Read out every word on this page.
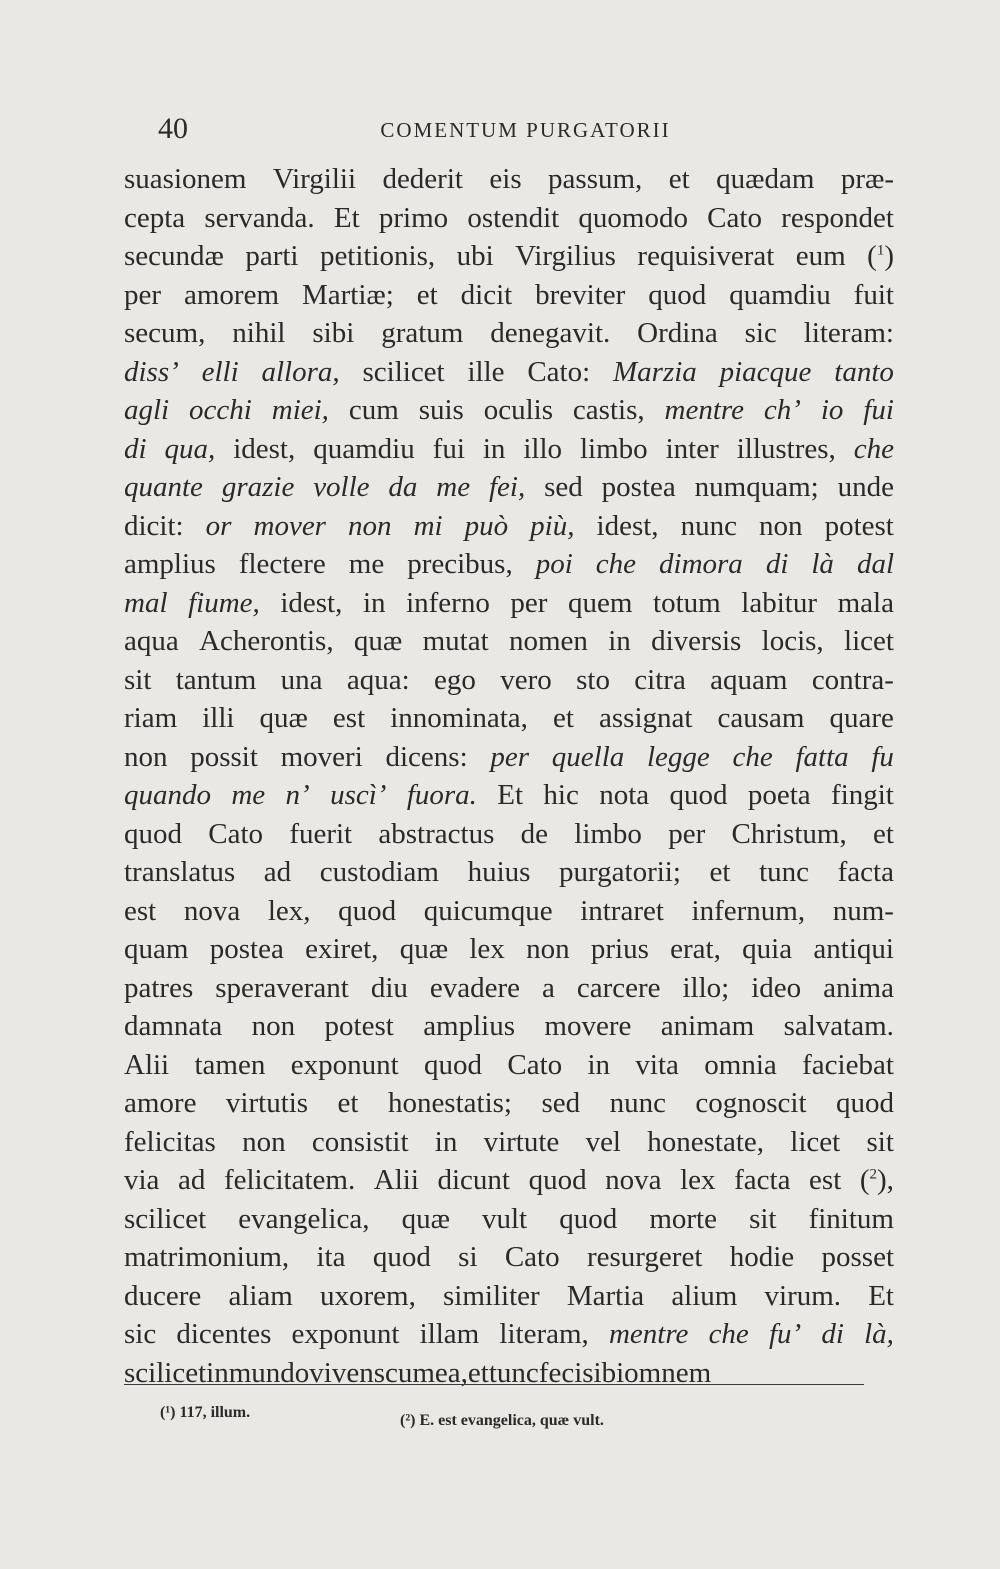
40	COMENTUM PURGATORII
suasionem Virgilii dederit eis passum, et quædam præ-
cepta servanda. Et primo ostendit quomodo Cato respondet
secundæ parti petitionis, ubi Virgilius requisiverat eum ($^1$)
per amorem Martiæ; et dicit breviter quod quamdiu fuit
secum, nihil sibi gratum denegavit. Ordina sic literam:
diss’ elli allora, scilicet ille Cato: Marzia piacque tanto
agli occhi miei, cum suis oculis castis, mentre ch’ io fui
di qua, idest, quamdiu fui in illo limbo inter illustres, che
quante grazie volle da me fei, sed postea numquam; unde
dicit: or mover non mi può più, idest, nunc non potest
amplius flectere me precibus, poi che dimora di là dal
mal fiume, idest, in inferno per quem totum labitur mala
aqua Acherontis, quæ mutat nomen in diversis locis, licet
sit tantum una aqua: ego vero sto citra aquam contra-
riam illi quæ est innominata, et assignat causam quare
non possit moveri dicens: per quella legge che fatta fu
quando me n’ uscì’ fuora. Et hic nota quod poeta fingit
quod Cato fuerit abstractus de limbo per Christum, et
translatus ad custodiam huius purgatorii; et tunc facta
est nova lex, quod quicumque intraret infernum, num-
quam postea exiret, quæ lex non prius erat, quia antiqui
patres speraverant diu evadere a carcere illo; ideo anima
damnata non potest amplius movere animam salvatam.
Alii tamen exponunt quod Cato in vita omnia faciebat
amore virtutis et honestatis; sed nunc cognoscit quod
felicitas non consistit in virtute vel honestate, licet sit
via ad felicitatem. Alii dicunt quod nova lex facta est ($^2$),
scilicet evangelica, quæ vult quod morte sit finitum
matrimonium, ita quod si Cato resurgeret hodie posset
ducere aliam uxorem, similiter Martia alium virum. Et
sic dicentes exponunt illam literam, mentre che fu’ di là,
scilicet in mundo vivens cum ea, et tunc feci sibi omnem
(¹) 117, illum.	(²) E. est evangelica, quæ vult.
